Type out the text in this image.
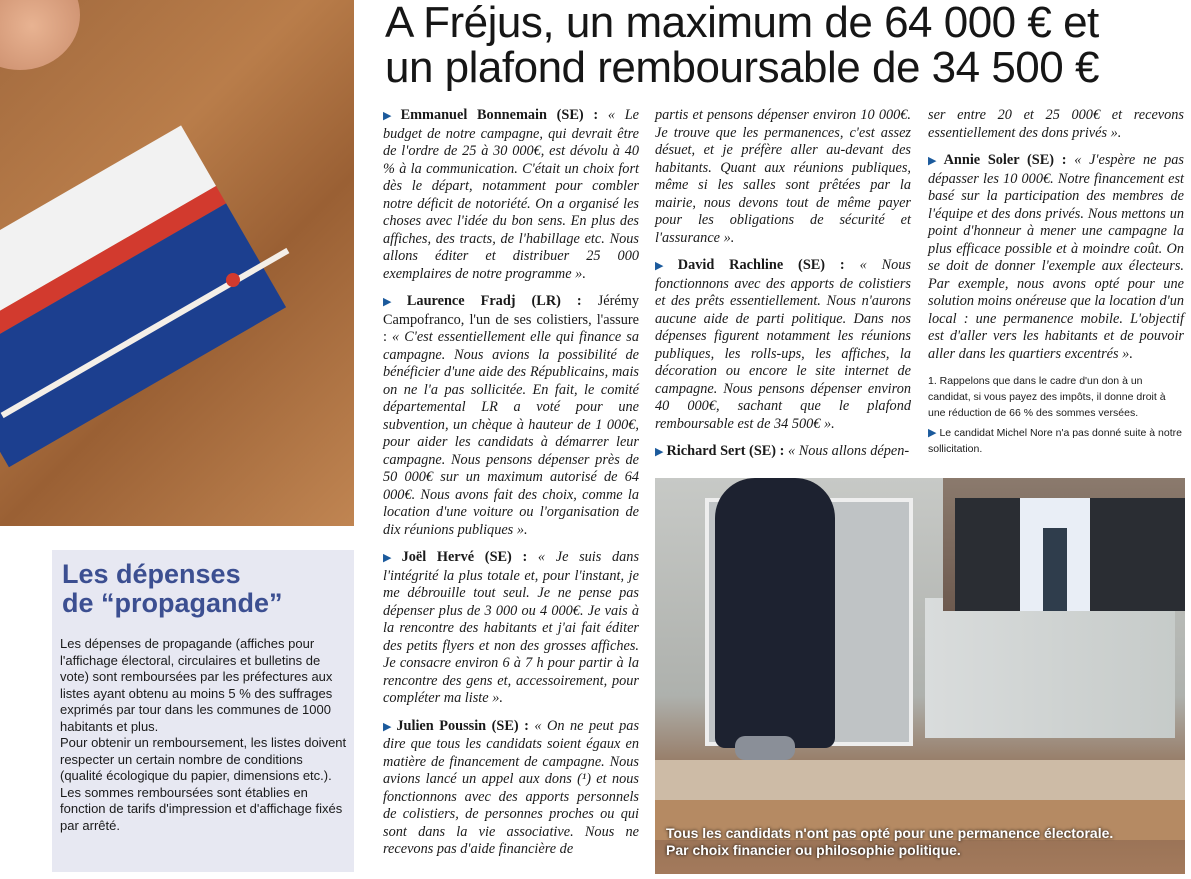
A Fréjus, un maximum de 64 000 € et
un plafond remboursable de 34 500 €

▶ Emmanuel Bonnemain (SE) : « Le budget de notre campagne, qui devrait être de l'ordre de 25 à 30 000€, est dévolu à 40 % à la communication. C'était un choix fort dès le départ, notamment pour combler notre déficit de notoriété. On a organisé les choses avec l'idée du bon sens. En plus des affiches, des tracts, de l'habillage etc. Nous allons éditer et distribuer 25 000 exemplaires de notre programme ».

▶ Laurence Fradj (LR) : Jérémy Campofranco, l'un de ses colistiers, l'assure : « C'est essentiellement elle qui finance sa campagne. Nous avions la possibilité de bénéficier d'une aide des Républicains, mais on ne l'a pas sollicitée. En fait, le comité départemental LR a voté pour une subvention, un chèque à hauteur de 1 000€, pour aider les candidats à démarrer leur campagne. Nous pensons dépenser près de 50 000€ sur un maximum autorisé de 64 000€. Nous avons fait des choix, comme la location d'une voiture ou l'organisation de dix réunions publiques ».

▶ Joël Hervé (SE) : « Je suis dans l'intégrité la plus totale et, pour l'instant, je me débrouille tout seul. Je ne pense pas dépenser plus de 3 000 ou 4 000€. Je vais à la rencontre des habitants et j'ai fait éditer des petits flyers et non des grosses affiches. Je consacre environ 6 à 7 h pour partir à la rencontre des gens et, accessoirement, pour compléter ma liste ».

▶ Julien Poussin (SE) : « On ne peut pas dire que tous les candidats soient égaux en matière de financement de campagne. Nous avions lancé un appel aux dons (¹) et nous fonctionnons avec des apports personnels de colistiers, de personnes proches ou qui sont dans la vie associative. Nous ne recevons pas d'aide financière de

partis et pensons dépenser environ 10 000€. Je trouve que les permanences, c'est assez désuet, et je préfère aller au-devant des habitants. Quant aux réunions publiques, même si les salles sont prêtées par la mairie, nous devons tout de même payer pour les obligations de sécurité et l'assurance ».

▶ David Rachline (SE) : « Nous fonctionnons avec des apports de colistiers et des prêts essentiellement. Nous n'aurons aucune aide de parti politique. Dans nos dépenses figurent notamment les réunions publiques, les rolls-ups, les affiches, la décoration ou encore le site internet de campagne. Nous pensons dépenser environ 40 000€, sachant que le plafond remboursable est de 34 500€ ».

▶ Richard Sert (SE) : « Nous allons dépen-

ser entre 20 et 25 000€ et recevons essentiellement des dons privés ».

▶ Annie Soler (SE) : « J'espère ne pas dépasser les 10 000€. Notre financement est basé sur la participation des membres de l'équipe et des dons privés. Nous mettons un point d'honneur à mener une campagne la plus efficace possible et à moindre coût. On se doit de donner l'exemple aux électeurs. Par exemple, nous avons opté pour une solution moins onéreuse que la location d'un local : une permanence mobile. L'objectif est d'aller vers les habitants et de pouvoir aller dans les quartiers excentrés ».

1. Rappelons que dans le cadre d'un don à un candidat, si vous payez des impôts, il donne droit à une réduction de 66 % des sommes versées.
▶ Le candidat Michel Nore n'a pas donné suite à notre sollicitation.
Les dépenses
de “propagande”
Les dépenses de propagande (affiches pour l'affichage électoral, circulaires et bulletins de vote) sont remboursées par les préfectures aux listes ayant obtenu au moins 5 % des suffrages exprimés par tour dans les communes de 1000 habitants et plus.
Pour obtenir un remboursement, les listes doivent respecter un certain nombre de conditions (qualité écologique du papier, dimensions etc.).
Les sommes remboursées sont établies en fonction de tarifs d'impression et d'affichage fixés par arrêté.	Tous les candidats n'ont pas opté pour une permanence électorale.
Par choix financier ou philosophie politique.
